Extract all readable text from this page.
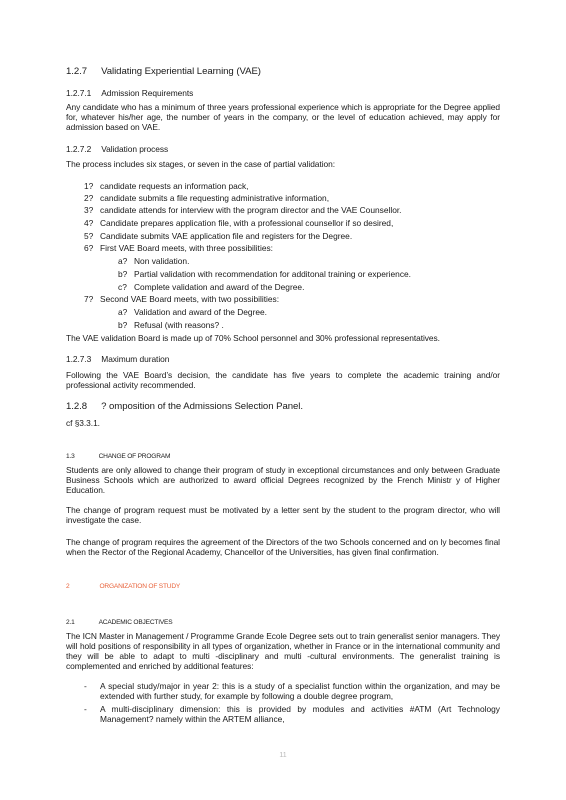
1.2.7 Validating Experiential Learning (VAE)
1.2.7.1 Admission Requirements
Any candidate who has a minimum of three years professional experience which is appropriate for the Degree applied for, whatever his/her age, the number of years in the company, or the level of education achieved, may apply for admission based on VAE.
1.2.7.2 Validation process
The process includes six stages, or seven in the case of partial validation:
1? candidate requests an information pack,
2? candidate submits a file requesting administrative information,
3? candidate attends for interview with the program director and the VAE Counsellor.
4? Candidate prepares application file, with a professional counsellor if so desired,
5? Candidate submits VAE application file and registers for the Degree.
6? First VAE Board meets, with three possibilities:
a? Non validation.
b? Partial validation with recommendation for additonal training or experience.
c? Complete validation and award of the Degree.
7? Second VAE Board meets, with two possibilities:
a? Validation and award of the Degree.
b? Refusal (with reasons? .
The VAE validation Board is made up of 70% School personnel and 30% professional representatives.
1.2.7.3 Maximum duration
Following the VAE Board’s decision, the candidate has five years to complete the academic training and/or professional activity recommended.
1.2.8 ? omposition of the Admissions Selection Panel.
cf §3.3.1.
1.3	CHANGE OF PROGRAM
Students are only allowed to change their program of study in exceptional circumstances and only between Graduate Business Schools which are authorized to award official Degrees recognized by the French Ministr y of Higher Education.
The change of program request must be motivated by a letter sent by the student to the program director, who will investigate the case.
The change of program requires the agreement of the Directors of the two Schools concerned and on ly becomes final when the Rector of the Regional Academy, Chancellor of the Universities, has given final confirmation.
2	ORGANIZATION OF STUDY
2.1	ACADEMIC OBJECTIVES
The ICN Master in Management / Programme Grande Ecole Degree sets out to train generalist senior managers. They will hold positions of responsibility in all types of organization, whether in France or in the international community and they will be able to adapt to multi -disciplinary and multi -cultural environments. The generalist training is complemented and enriched by additional features:
- A special study/major in year 2: this is a study of a specialist function within the organization, and may be extended with further study, for example by following a double degree program,
- A multi-disciplinary dimension: this is provided by modules and activities #ATM (Art Technology Management? namely within the ARTEM alliance,
11
